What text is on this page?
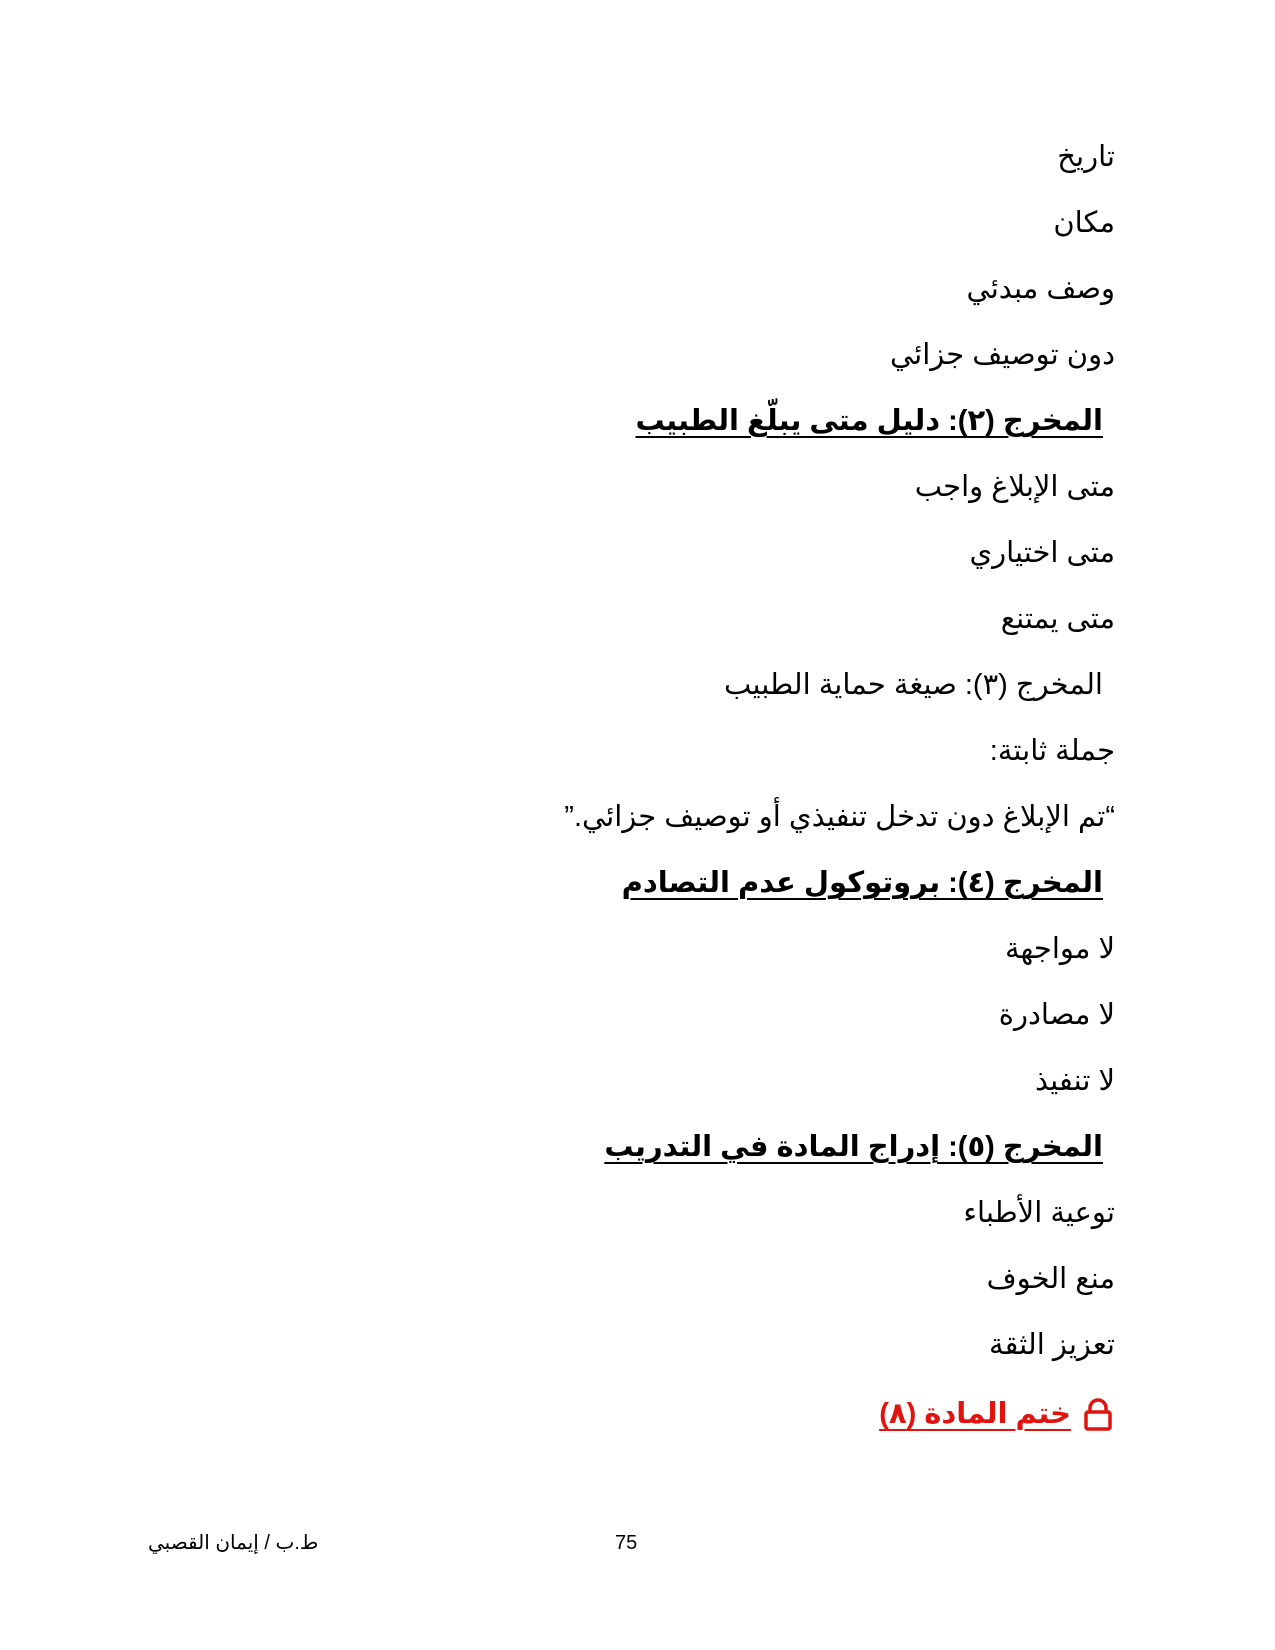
تاريخ
مكان
وصف مبدئي
دون توصيف جزائي
المخرج (٢): دليل متى يبلّغ الطبيب
متى الإبلاغ واجب
متى اختياري
متى يمتنع
المخرج (٣): صيغة حماية الطبيب
جملة ثابتة:
“تم الإبلاغ دون تدخل تنفيذي أو توصيف جزائي.”
المخرج (٤): بروتوكول عدم التصادم
لا مواجهة
لا مصادرة
لا تنفيذ
المخرج (٥): إدراج المادة في التدريب
توعية الأطباء
منع الخوف
تعزيز الثقة
ختم المادة (٨)
ط.ب / إيمان القصبي	75
